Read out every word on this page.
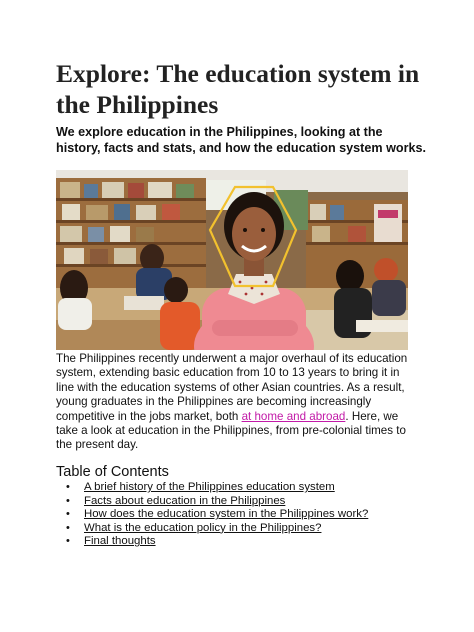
Explore: The education system in the Philippines

We explore education in the Philippines, looking at the history, facts and stats, and how the education system works.

The Philippines recently underwent a major overhaul of its education system, extending basic education from 10 to 13 years to bring it in line with the education systems of other Asian countries. As a result, young graduates in the Philippines are becoming increasingly competitive in the jobs market, both at home and abroad. Here, we take a look at education in the Philippines, from pre-colonial times to the present day.

Table of Contents
• A brief history of the Philippines education system
• Facts about education in the Philippines
• How does the education system in the Philippines work?
• What is the education policy in the Philippines?
• Final thoughts
